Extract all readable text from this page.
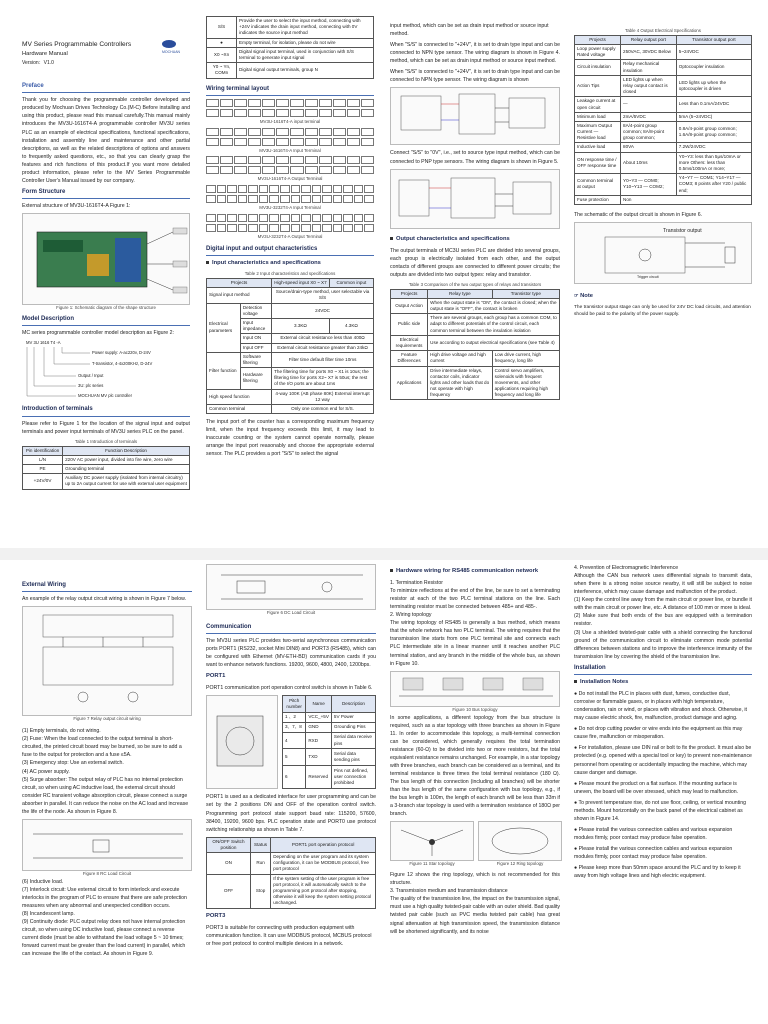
MV Series Programmable Controllers
MOCHUAN
Hardware Manual
Version：V1.0
Preface

Thank you for choosing the programmable controller developed and produced by Mochuan Drives Technology Co.(M-C) Before installing and using this product, please read this manual carefully.This manual mainly introduces the MV3U-1616T4-A programmable controller MV3U series PLC as an example of electrical specifications, functional specifications, installation and assembly line and maintenance and other partial descriptions, as well as the related descriptions of options and answers to frequently asked questions, etc., so that you can clearly grasp the features and rich functions of this product.If you want more detailed product information, please refer to the MV Series Programmable Controller User's Manual issued by our company.

Form Structure

External structure of MV3U-1616T4-A Figure 1:

Figure 1: Schematic diagram of the shape structure
Model Description

MC series programmable controller model description as Figure 2:

MV 3U 1616 T4 -A
Power supply: A-ac220v, D-24V
T-transistor, 4-4x200KHz, D-24V
Output / Input
3U: plc series
MOCHUAN MV plc controller
Introduction of terminals

Please refer to Figure 1 for the location of the signal input and output terminals and power input terminals of MV3U series PLC on the panel.

Table 1 Introduction of terminals
Pin identification	Function Description
L/N	220V AC power input, divided into fire wire, zero wire
PE	Grounding terminal
+24V/0V	Auxiliary DC power supply (isolated from internal circuitry) up to 2A output current for use with external user equipment
S/S	Provide the user to select the input method, connecting with +24V indicates the drain input method, connecting with 0V indicates the source input method
●	Empty terminal, for isolation, please do not wire
X0 ~Xn	Digital signal input terminal, used in conjunction with S/S terminal to generate input signal
Y0 ~ Yn, COMn	Digital signal output terminals, group N
Wiring terminal layout
MV3U-1616T4-A input terminal
MV3U-1616T4-A Input Terminal
MV3U-1616T4-A Output Terminal
MV3U-3232T4-A Input Terminal
MV3U-3232T4-A Output Terminal
Digital input and output characteristics
Input characteristics and specifications
Table 2 Input characteristics and specifications
Projects		High-speed input X0 ~ X7	Common input
Signal input method		Source/drain-type method, user selectable via S/S	
Electrical parameters	Detection voltage	24VDC	
	Input impedance	3.3KΩ	4.3KΩ
	Input ON	External circuit resistance less than 400Ω	
	Input OFF	External circuit resistance greater than 24kΩ	
Filter function	Software filtering	Filter time default filter time 10ms	
	Hardware filtering	The filtering time for ports X0 ~ X1 is 10us; the filtering time for ports X2~ X7 is 50us; the rest of the I/O ports are about 1ms	
High speed function		4-way 100K (AB phase 80K) External interrupt 12 way	
Common terminal		Only one common end for S/S.	

The input port of the counter has a corresponding maximum frequency limit, when the input frequency exceeds this limit, it may lead to inaccurate counting or the system cannot operate normally, please arrange the input port reasonably and choose the appropriate external sensor. The PLC provides a port "S/S" to select the signal

input method, which can be set as drain input method or source input method.

When "S/S" is connected to "+24V", it is set to drain type input and can be connected to NPN type sensor. The wiring diagram is shown in Figure 4. method, which can be set as drain input method or source input method.

When "S/S" is connected to "+24V", it is set to drain type input and can be connected to NPN type sensor. The wiring diagram is shown

Connect "S/S" to "0V", i.e., set to source type input method, which can be connected to PNP type sensors. The wiring diagram is shown in Figure 5.

Output characteristics and specifications

The output terminals of MC3U series PLC are divided into several groups, each group is electrically isolated from each other, and the output contacts of different groups are connected to different power circuits; the outputs are divided into two output types: relay and transistor.

Table 3 Comparison of the two output types of relays and transistors
Projects	Relay type	Transistor type
Output Action	When the output state is "ON", the contact is closed; when the output state is "OFF", the contact is broken	
Public side	There are several groups, each group has a common COM, to adapt to different potentials of the control circuit, each common terminal between the insulation isolation	
Electrical requirements	Use according to output electrical specifications (see Table 4)	
Feature Differences	High drive voltage and high current	Low drive current, high frequency, long life
Applications	Drive intermediate relays, contactor coils, indicator lights and other loads that do not operate with high frequency	Control servo amplifiers, solenoids with frequent movements, and other applications requiring high frequency and long life
Table 4 Output Electrical Specifications
Projects	Relay output port	Transistor output port
Loop power supply Rated voltage	250VAC, 30VDC Below	5~24VDC
Circuit insulation	Relay mechanical insulation	Optocoupler insulation
Action Tips	LED lights up when relay output contact is closed	LED lights up when the optocoupler is driven
Leakage current at open circuit	—	Less than 0.1mA/24VDC
Minimum load	2mA/5VDC	5mA (5~24VDC)
Maximum Output Current — Resistive load	8A/4-point group common; 8A/8-point group common;	0.8A/4-point group common; 1.6A/8-point group common;
Inductive load	80VA	7.2W/24VDC
ON response time / OFF response time	About 10ms	Y0~Y3: less than 5μs/10mA or more Others: less than 0.5ms/100mA or more;
Common terminal at output	Y0~Y3 — COM0; Y10~Y13 — COM2;	Y4~Y7 — COM1; Y14~Y17 — COM3; 8 points after Y20 / public end;
Fuse protection	Non	

The schematic of the output circuit is shown in Figure 6.

Transistor output
Trigger circuit
☞ Note

The transistor output stage can only be used for 24V DC load circuits, and attention should be paid to the polarity of the power supply.

External Wiring

An example of the relay output circuit wiring is shown in Figure 7 below.

Figure 7 Relay output circuit wiring

(1) Empty terminals, do not wiring.
(2) Fuse: When the load connected to the output terminal is short-circuited, the printed circuit board may be burned, so be sure to add a fuse to the output for protection and a fuse ≤5A.
(3) Emergency stop: Use an external switch.
(4) AC power supply.
(5) Surge absorber: The output relay of PLC has no internal protection circuit, so when using AC inductive load, the external circuit should consider RC transient voltage absorption circuit, please connect a surge absorber in parallel. It can reduce the noise on the AC load and increase the life of the node. As shown in Figure 8.

Figure 8 RC Load Circuit

(6) Inductive load.
(7) Interlock circuit: Use external circuit to form interlock and execute interlocks in the program of PLC to ensure that there are safe protection measures when any abnormal and unexpected condition occurs.
(8) Incandescent lamp.
(9) Continuity diode: PLC output relay does not have internal protection circuit, so when using DC inductive load, please connect a reverse current diode (must be able to withstand the load voltage 5 ~ 10 times; forward current must be greater than the load current) in parallel, which can increase the life of the contact. As shown in Figure 9.

Figure 6 DC Load Circuit
Communication

The MV3U series PLC provides two-serial asynchronous communication ports PORT1 (RS232, socket Mini DIN8) and PORT3 (RS485), which can be configured with Ethernet (MV-ETH-BD) communication cards if you want to enhance network functions. 19200, 9600, 4800, 2400, 1200bps.

PORT1

PORT1 communication port operation control switch is shown in Table 6.

Pitch number	Name	Description
1 、2	VCC_+5V	5V Power
3、7、8	GND	Grounding Pins
4	RXD	Serial data receive pins
5	TXD	Serial data sending pins
6	Reserved	Pins not defined, user connection prohibited

PORT1 is used as a dedicated interface for user programming and can be set by the 2 positions ON and OFF of the operation control switch. Programming port protocol state support baud rate: 115200, 57600, 38400, 19200, 9600 bps. PLC operation state and PORT0 use protocol switching relationship as shown in Table 7.

ON/OFF Switch position	Status	PORT1 port operation protocol
ON	Run	Depending on the user program and its system configuration, it can be MODBUS protocol, free port protocol
OFF	Stop	If the system setting of the user program is free port protocol, it will automatically switch to the programming port protocol after stopping, otherwise it will keep the system setting protocol unchanged.
PORT3

PORT3 is suitable for connecting with production equipment with communication function. It can use MODBUS protocol, MCBUS protocol or free port protocol to control multiple devices in a network.

Hardware wiring for RS485 communication network

1. Termination Resistor
To minimize reflections at the end of the line, be sure to set a terminating resistor at each of the two PLC terminal stations on the line. Each terminating resistor must be connected between 485+ and 485-.
2. Wiring topology
The wiring topology of RS485 is generally a bus method, which means that the whole network has two PLC terminal. The wiring requires that the transmission line starts from one PLC terminal site and connects each PLC intermediate site in a linear manner until it reaches another PLC terminal station, and any branch in the middle of the whole bus, as shown in Figure 10.

Figure 10 Bus topology

In some applications, a different topology from the bus structure is required, such as a star topology with three branches as shown in Figure 11. In order to accommodate this topology, a multi-terminal connection can be considered, which generally requires the total termination resistance (60-Ω) to be divided into two or more resistors, but the total equivalent resistance remains unchanged. For example, in a star topology with three branches, each branch can be considered as a terminal, and its terminal resistance is three times the total terminal resistance (180 Ω). The bus length of this connection (including all branches) will be shorter than the bus length of the same configuration with bus topology, e.g., if the bus length is 100m, the length of each branch will be less than 33m if a 3-branch star topology is used with a termination resistance of 180Ω per branch.

Figure 11 Star topology	Figure 12 Ring topology

Figure 12 shows the ring topology, which is not recommended for this structure.
3. Transmission medium and transmission distance
The quality of the transmission line, the impact on the transmission signal, must use a high quality twisted-pair cable with an outer shield. Bad quality twisted pair cable (such as PVC media twisted pair cable) has great signal attenuation at high transmission speed, the transmission distance will be shortened significantly, and its noise

4. Prevention of Electromagnetic Interference

Although the CAN bus network uses differential signals to transmit data, when there is a strong noise source nearby, it will still be subject to noise interference, which may cause damage and malfunction of the product.
(1) Keep the control line away from the main circuit or power line, or bundle it with the main circuit or power line, etc. A distance of 100 mm or more is ideal.
(2) Make sure that both ends of the bus are equipped with a termination resistor.
(3) Use a shielded twisted-pair cable with a shield connecting the functional ground of the communication circuit to eliminate common mode potential differences between stations and to improve the interference immunity of the transmission line by covering the shield of the transmission line.

Installation
Installation Notes

● Do not install the PLC in places with dust, fumes, conductive dust, corrosive or flammable gases, or in places with high temperature, condensation, rain or wind, or places with vibration and shock. Otherwise, it may cause electric shock, fire, malfunction, product damage and aging.

● Do not drop cutting powder or wire ends into the equipment as this may cause fire, malfunction or misoperation.

● For installation, please use DIN rail or bolt to fix the product. It must also be protected (e.g. opened with a special tool or key) to prevent non-maintenance personnel from operating or accidentally impacting the machine, which may cause danger and damage.

● Please mount the product on a flat surface. If the mounting surface is uneven, the board will be over stressed, which may lead to malfunction.

● To prevent temperature rise, do not use floor, ceiling, or vertical mounting methods. Mount horizontally on the back panel of the electrical cabinet as shown in Figure 14.

● Please install the various connection cables and various expansion modules firmly, poor contact may produce false operation.

● Please install the various connection cables and various expansion modules firmly, poor contact may produce false operation.

● Please keep more than 50mm space around the PLC and try to keep it away from high voltage lines and high electric equipment.
